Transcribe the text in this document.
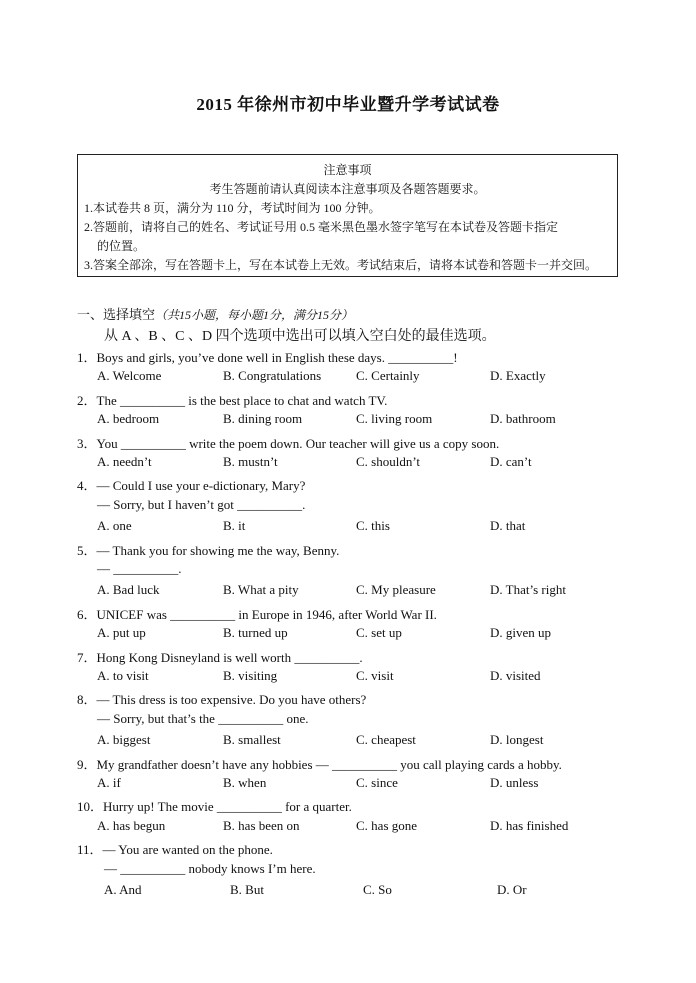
2015 年徐州市初中毕业暨升学考试试卷
注意事项
考生答题前请认真阅读本注意事项及各题答题要求。
1.本试卷共 8 页，满分为 110 分，考试时间为 100 分钟。
2.答题前，请将自己的姓名、考试证号用 0.5 毫米黑色墨水签字笔写在本试卷及答题卡指定
的位置。
3.答案全部涂，写在答题卡上，写在本试卷上无效。考试结束后，请将本试卷和答题卡一并交回。
一、选择填空（共15小题，每小题1分，满分15分）
从 A 、B 、C 、D 四个选项中选出可以填入空白处的最佳选项。
1．Boys and girls, you’ve done well in English these days. __________!
A. Welcome	B. Congratulations	C. Certainly	D. Exactly
2．The __________ is the best place to chat and watch TV.
A. bedroom	B. dining room	C. living room	D. bathroom
3．You __________ write the poem down. Our teacher will give us a copy soon.
A. needn’t	B. mustn’t	C. shouldn’t	D. can’t
4．— Could I use your e-dictionary, Mary?
— Sorry, but I haven’t got __________.
A. one	B. it	C. this	D. that
5．— Thank you for showing me the way, Benny.
— __________.
A. Bad luck	B. What a pity	C. My pleasure	D. That’s right
6．UNICEF was __________ in Europe in 1946, after World War II.
A. put up	B. turned up	C. set up	D. given up
7．Hong Kong Disneyland is well worth __________.
A. to visit	B. visiting	C. visit	D. visited
8．— This dress is too expensive. Do you have others?
— Sorry, but that’s the __________ one.
A. biggest	B. smallest	C. cheapest	D. longest
9．My grandfather doesn’t have any hobbies — __________ you call playing cards a hobby.
A. if	B. when	C. since	D. unless
10．Hurry up! The movie __________ for a quarter.
A. has begun	B. has been on	C. has gone	D. has finished
11．— You are wanted on the phone.
— __________ nobody knows I’m here.
A. And	B. But	C. So	D. Or
